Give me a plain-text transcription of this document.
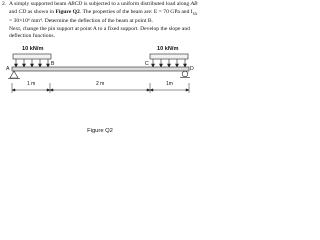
2. A simply supported beam ABCD is subjected to a uniform distributed load along AB

and CD as shown in Figure Q2. The properties of the beam are: E = 70 GPa and $I_{xx}$

= 30×10⁶ mm⁴. Determine the deflection of the beam at point B.

Next, change the pin support at point A to a fixed support. Develop the slope and

deflection functions.

10 kN/m	10 kN/m
A
B	C
D
1 m	2 m	1m
Figure Q2
